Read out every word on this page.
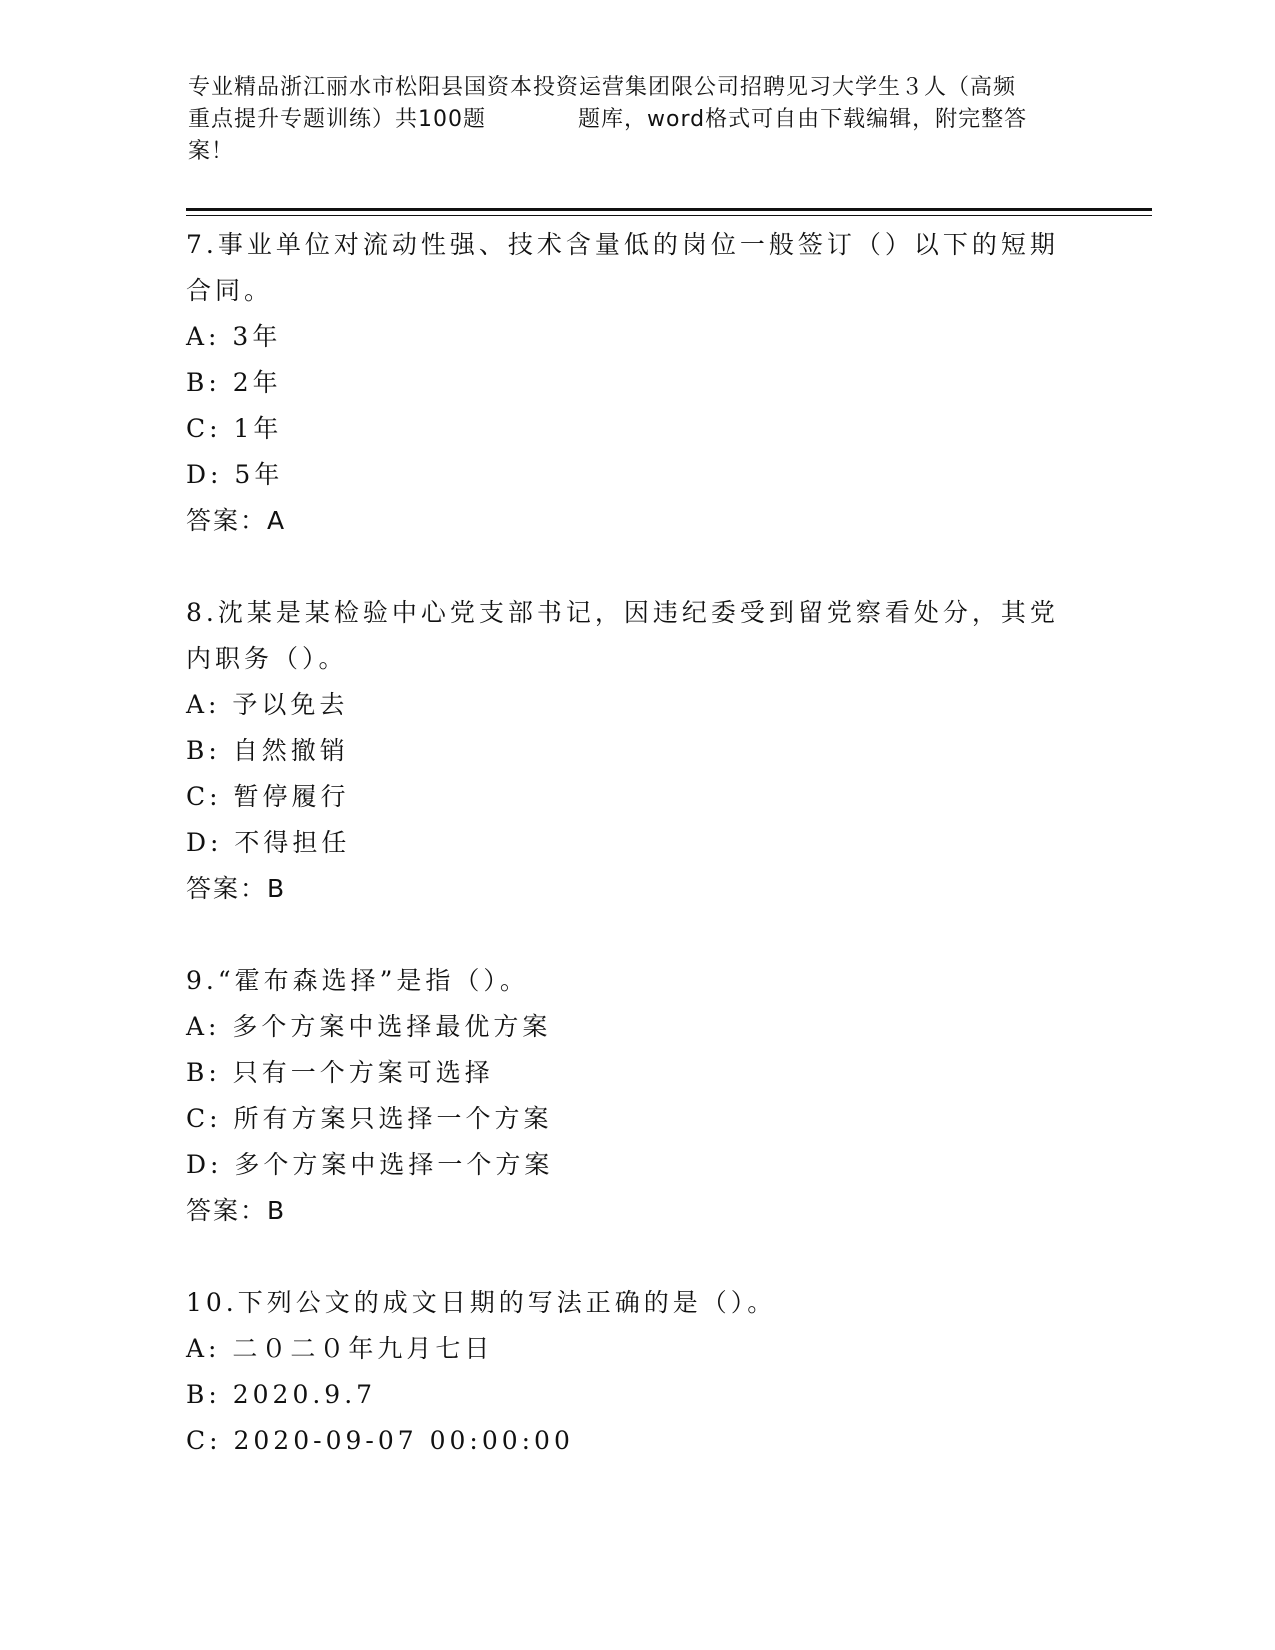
专业精品浙江丽水市松阳县国资本投资运营集团限公司招聘见习大学生３人（高频
重点提升专题训练）共100题　　　　题库，word格式可自由下载编辑，附完整答
案！
7.事业单位对流动性强、技术含量低的岗位一般签订（）以下的短期
合同。
A: 3年
B: 2年
C: 1年
D: 5年
答案：A
8.沈某是某检验中心党支部书记，因违纪委受到留党察看处分，其党
内职务（）。
A: 予以免去
B: 自然撤销
C: 暂停履行
D: 不得担任
答案：B
9.“霍布森选择”是指（）。
A: 多个方案中选择最优方案
B: 只有一个方案可选择
C: 所有方案只选择一个方案
D: 多个方案中选择一个方案
答案：B
10.下列公文的成文日期的写法正确的是（）。
A: 二０二０年九月七日
B: 2020.9.7
C: 2020-09-07 00:00:00
